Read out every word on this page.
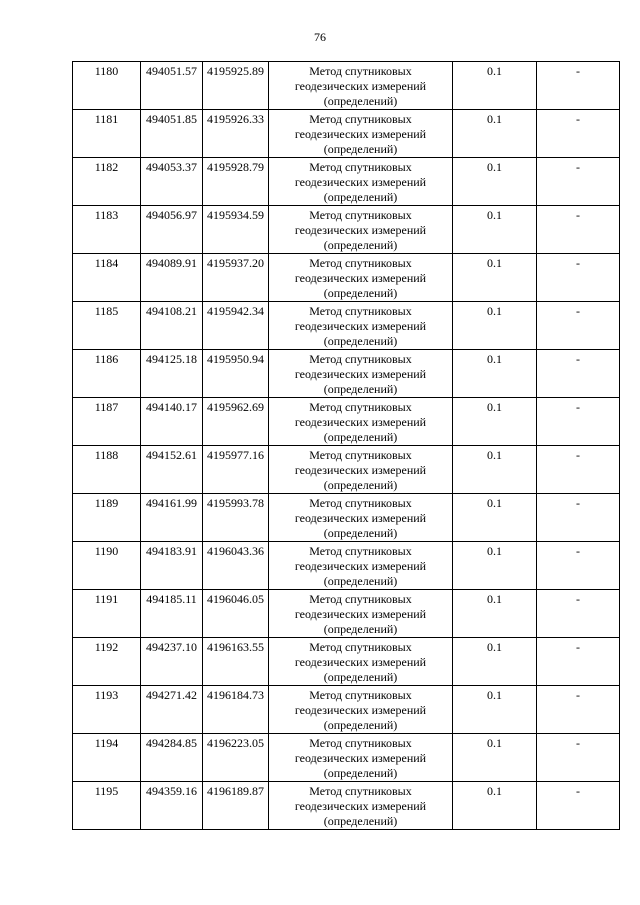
76
1180	494051.57	4195925.89	Метод спутниковых геодезических измерений (определений)	0.1	-
1181	494051.85	4195926.33	Метод спутниковых геодезических измерений (определений)	0.1	-
1182	494053.37	4195928.79	Метод спутниковых геодезических измерений (определений)	0.1	-
1183	494056.97	4195934.59	Метод спутниковых геодезических измерений (определений)	0.1	-
1184	494089.91	4195937.20	Метод спутниковых геодезических измерений (определений)	0.1	-
1185	494108.21	4195942.34	Метод спутниковых геодезических измерений (определений)	0.1	-
1186	494125.18	4195950.94	Метод спутниковых геодезических измерений (определений)	0.1	-
1187	494140.17	4195962.69	Метод спутниковых геодезических измерений (определений)	0.1	-
1188	494152.61	4195977.16	Метод спутниковых геодезических измерений (определений)	0.1	-
1189	494161.99	4195993.78	Метод спутниковых геодезических измерений (определений)	0.1	-
1190	494183.91	4196043.36	Метод спутниковых геодезических измерений (определений)	0.1	-
1191	494185.11	4196046.05	Метод спутниковых геодезических измерений (определений)	0.1	-
1192	494237.10	4196163.55	Метод спутниковых геодезических измерений (определений)	0.1	-
1193	494271.42	4196184.73	Метод спутниковых геодезических измерений (определений)	0.1	-
1194	494284.85	4196223.05	Метод спутниковых геодезических измерений (определений)	0.1	-
1195	494359.16	4196189.87	Метод спутниковых геодезических измерений (определений)	0.1	-
